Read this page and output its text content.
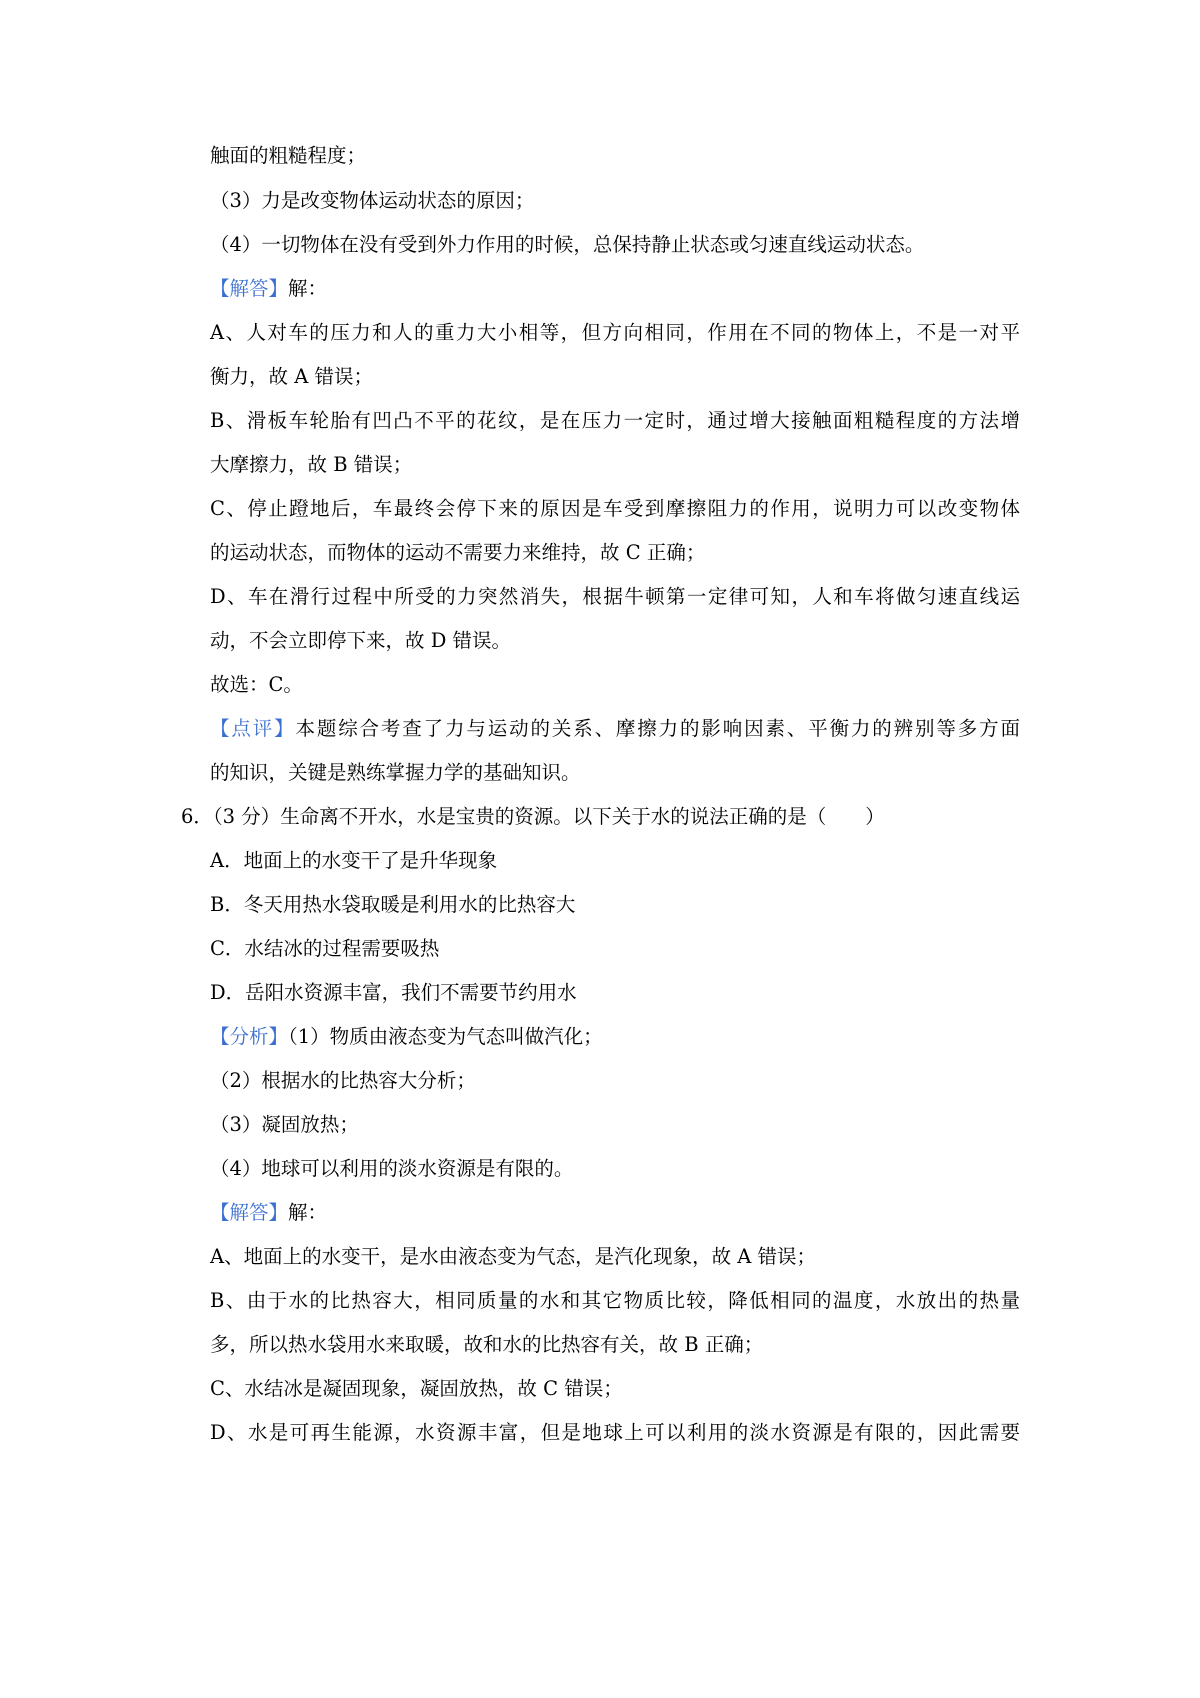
触面的粗糙程度；

（3）力是改变物体运动状态的原因；

（4）一切物体在没有受到外力作用的时候，总保持静止状态或匀速直线运动状态。

【解答】解：

A、人对车的压力和人的重力大小相等，但方向相同，作用在不同的物体上，不是一对平

衡力，故 A 错误；

B、滑板车轮胎有凹凸不平的花纹，是在压力一定时，通过增大接触面粗糙程度的方法增

大摩擦力，故 B 错误；

C、停止蹬地后，车最终会停下来的原因是车受到摩擦阻力的作用，说明力可以改变物体

的运动状态，而物体的运动不需要力来维持，故 C 正确；

D、车在滑行过程中所受的力突然消失，根据牛顿第一定律可知，人和车将做匀速直线运

动，不会立即停下来，故 D 错误。

故选：C。

【点评】本题综合考查了力与运动的关系、摩擦力的影响因素、平衡力的辨别等多方面

的知识，关键是熟练掌握力学的基础知识。

6．（3 分）生命离不开水，水是宝贵的资源。以下关于水的说法正确的是（　　）

A．地面上的水变干了是升华现象

B．冬天用热水袋取暖是利用水的比热容大

C．水结冰的过程需要吸热

D．岳阳水资源丰富，我们不需要节约用水

【分析】（1）物质由液态变为气态叫做汽化；

（2）根据水的比热容大分析；

（3）凝固放热；

（4）地球可以利用的淡水资源是有限的。

【解答】解：

A、地面上的水变干，是水由液态变为气态，是汽化现象，故 A 错误；

B、由于水的比热容大，相同质量的水和其它物质比较，降低相同的温度，水放出的热量

多，所以热水袋用水来取暖，故和水的比热容有关，故 B 正确；

C、水结冰是凝固现象，凝固放热，故 C 错误；

D、水是可再生能源，水资源丰富，但是地球上可以利用的淡水资源是有限的，因此需要
